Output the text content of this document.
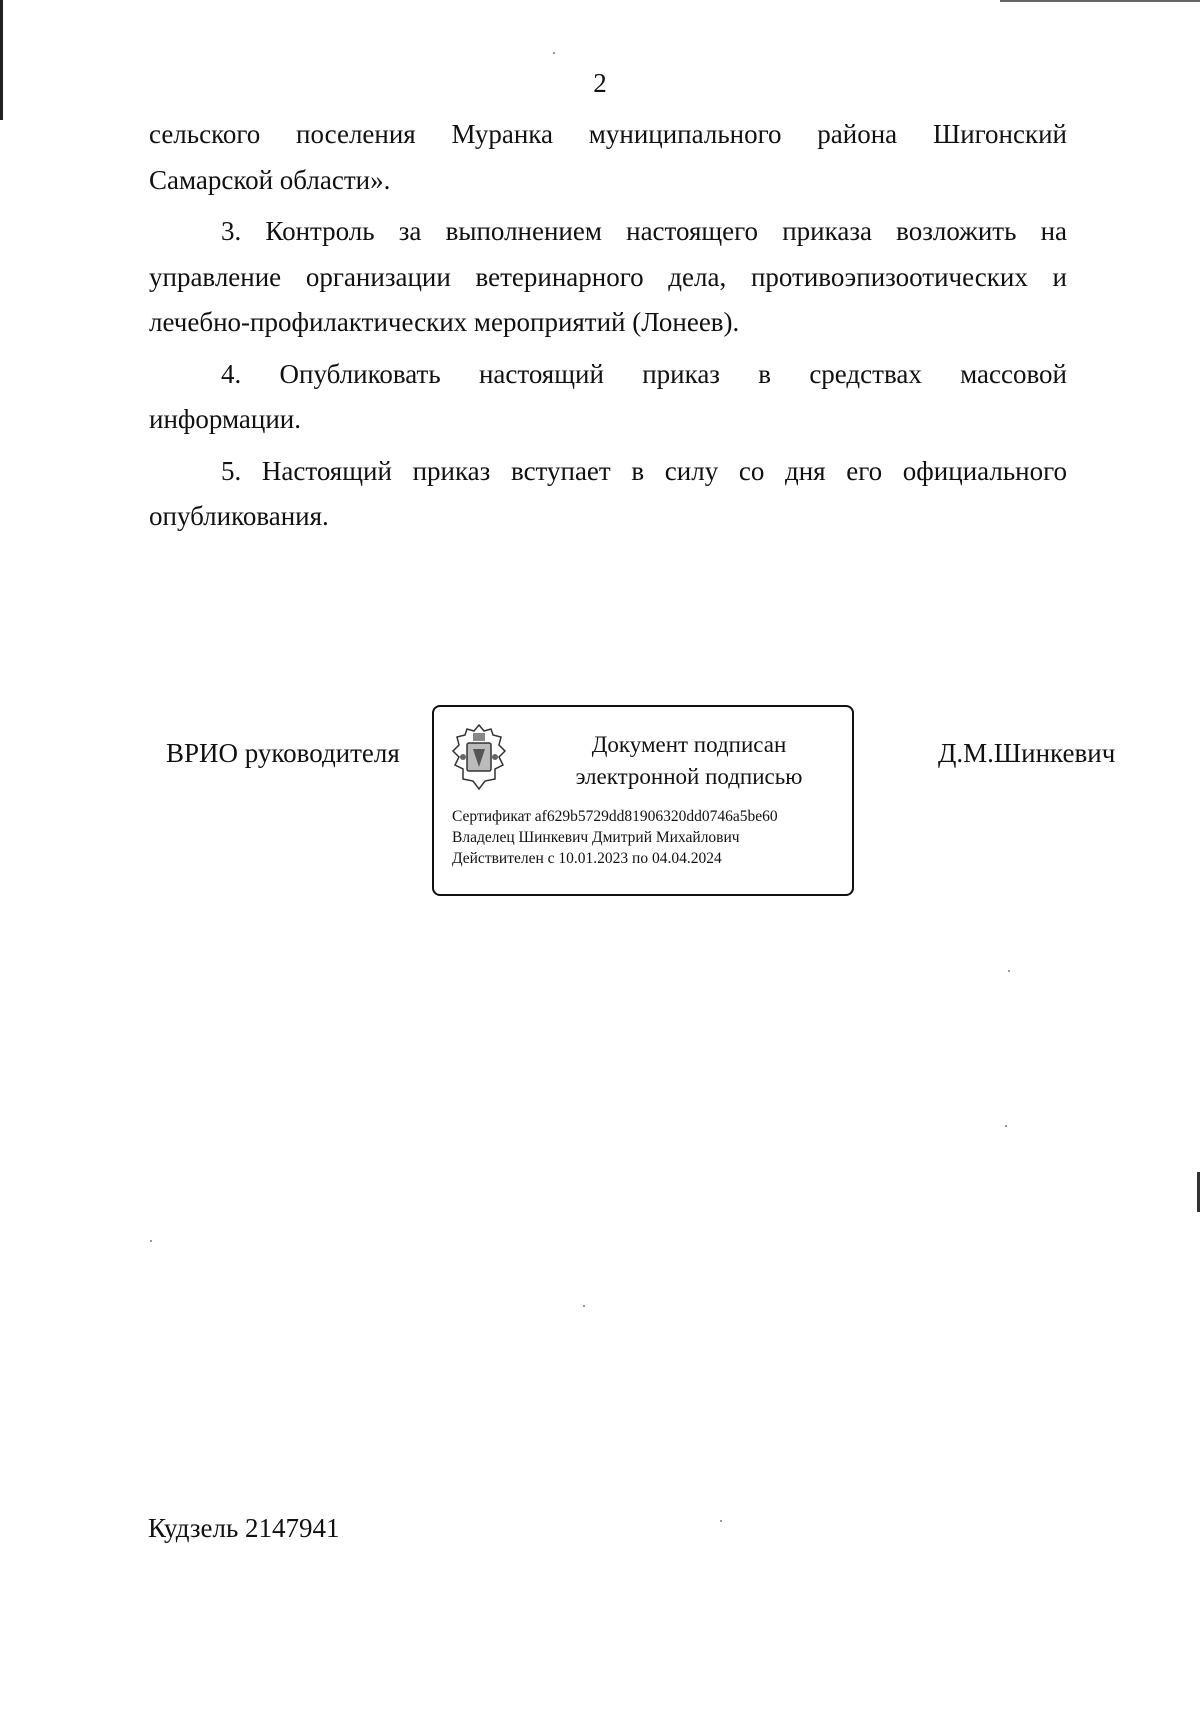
2

сельского поселения Муранка муниципального района Шигонский
Самарской области».

3. Контроль за выполнением настоящего приказа возложить на управление организации ветеринарного дела, противоэпизоотических и лечебно-профилактических мероприятий (Лонеев).

4. Опубликовать настоящий приказ в средствах массовой информации.

5. Настоящий приказ вступает в силу со дня его официального опубликования.

ВРИО руководителя	Документ подписан
электронной подписью
Сертификат af629b5729dd81906320dd0746a5be60
Владелец Шинкевич Дмитрий Михайлович
Действителен с 10.01.2023 по 04.04.2024
Д.М.Шинкевич
Кудзель 2147941
